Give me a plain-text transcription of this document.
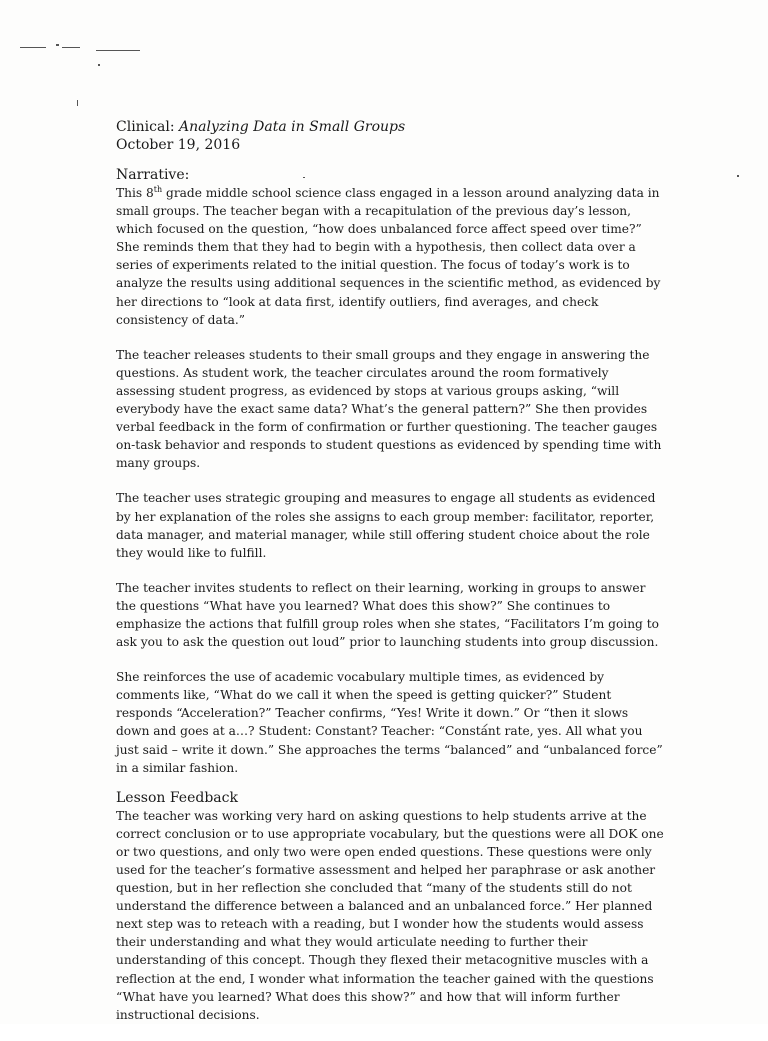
Clinical: Analyzing Data in Small Groups
October 19, 2016
Narrative:

This 8th grade middle school science class engaged in a lesson around analyzing data in small groups. The teacher began with a recapitulation of the previous day’s lesson, which focused on the question, “how does unbalanced force affect speed over time?” She reminds them that they had to begin with a hypothesis, then collect data over a series of experiments related to the initial question. The focus of today’s work is to analyze the results using additional sequences in the scientific method, as evidenced by her directions to “look at data first, identify outliers, find averages, and check consistency of data.”

The teacher releases students to their small groups and they engage in answering the questions. As student work, the teacher circulates around the room formatively assessing student progress, as evidenced by stops at various groups asking, “will everybody have the exact same data? What’s the general pattern?” She then provides verbal feedback in the form of confirmation or further questioning. The teacher gauges on-task behavior and responds to student questions as evidenced by spending time with many groups.

The teacher uses strategic grouping and measures to engage all students as evidenced by her explanation of the roles she assigns to each group member: facilitator, reporter, data manager, and material manager, while still offering student choice about the role they would like to fulfill.

The teacher invites students to reflect on their learning, working in groups to answer the questions “What have you learned? What does this show?” She continues to emphasize the actions that fulfill group roles when she states, “Facilitators I’m going to ask you to ask the question out loud” prior to launching students into group discussion.

She reinforces the use of academic vocabulary multiple times, as evidenced by comments like, “What do we call it when the speed is getting quicker?” Student responds “Acceleration?” Teacher confirms, “Yes! Write it down.” Or “then it slows down and goes at a…? Student: Constant? Teacher: “Constant rate, yes. All what you just said – write it down.” She approaches the terms “balanced” and “unbalanced force” in a similar fashion.

Lesson Feedback

The teacher was working very hard on asking questions to help students arrive at the correct conclusion or to use appropriate vocabulary, but the questions were all DOK one or two questions, and only two were open ended questions. These questions were only used for the teacher’s formative assessment and helped her paraphrase or ask another question, but in her reflection she concluded that “many of the students still do not understand the difference between a balanced and an unbalanced force.” Her planned next step was to reteach with a reading, but I wonder how the students would assess their understanding and what they would articulate needing to further their understanding of this concept. Though they flexed their metacognitive muscles with a reflection at the end, I wonder what information the teacher gained with the questions “What have you learned? What does this show?” and how that will inform further instructional decisions.
